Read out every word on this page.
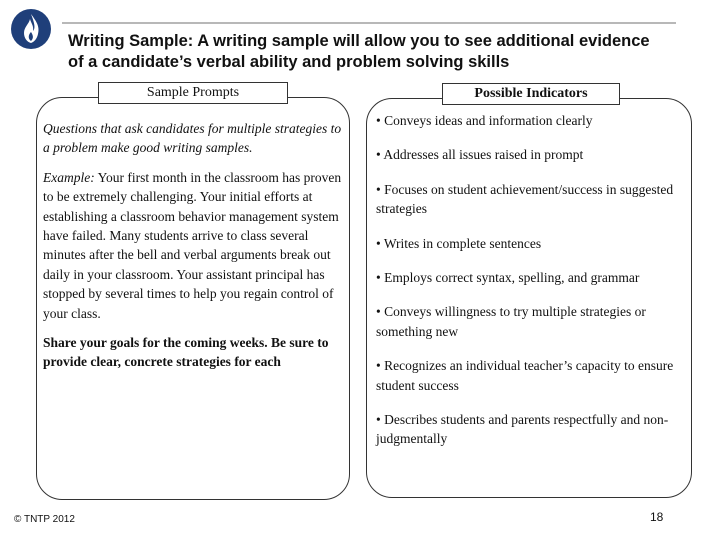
Writing Sample: A writing sample will allow you to see additional evidence of a candidate’s verbal ability and problem solving skills
Sample Prompts	Possible Indicators
Questions that ask candidates for multiple strategies to a problem make good writing samples.
Example: Your first month in the classroom has proven to be extremely challenging. Your initial efforts at establishing a classroom behavior management system have failed. Many students arrive to class several minutes after the bell and verbal arguments break out daily in your classroom. Your assistant principal has stopped by several times to help you regain control of your class.
Share your goals for the coming weeks. Be sure to provide clear, concrete strategies for each
• Conveys ideas and information clearly
• Addresses all issues raised in prompt
• Focuses on student achievement/success in suggested strategies
• Writes in complete sentences
• Employs correct syntax, spelling, and grammar
• Conveys willingness to try multiple strategies or something new
• Recognizes an individual teacher’s capacity to ensure student success
• Describes students and parents respectfully and non-judgmentally
© TNTP 2012	18
